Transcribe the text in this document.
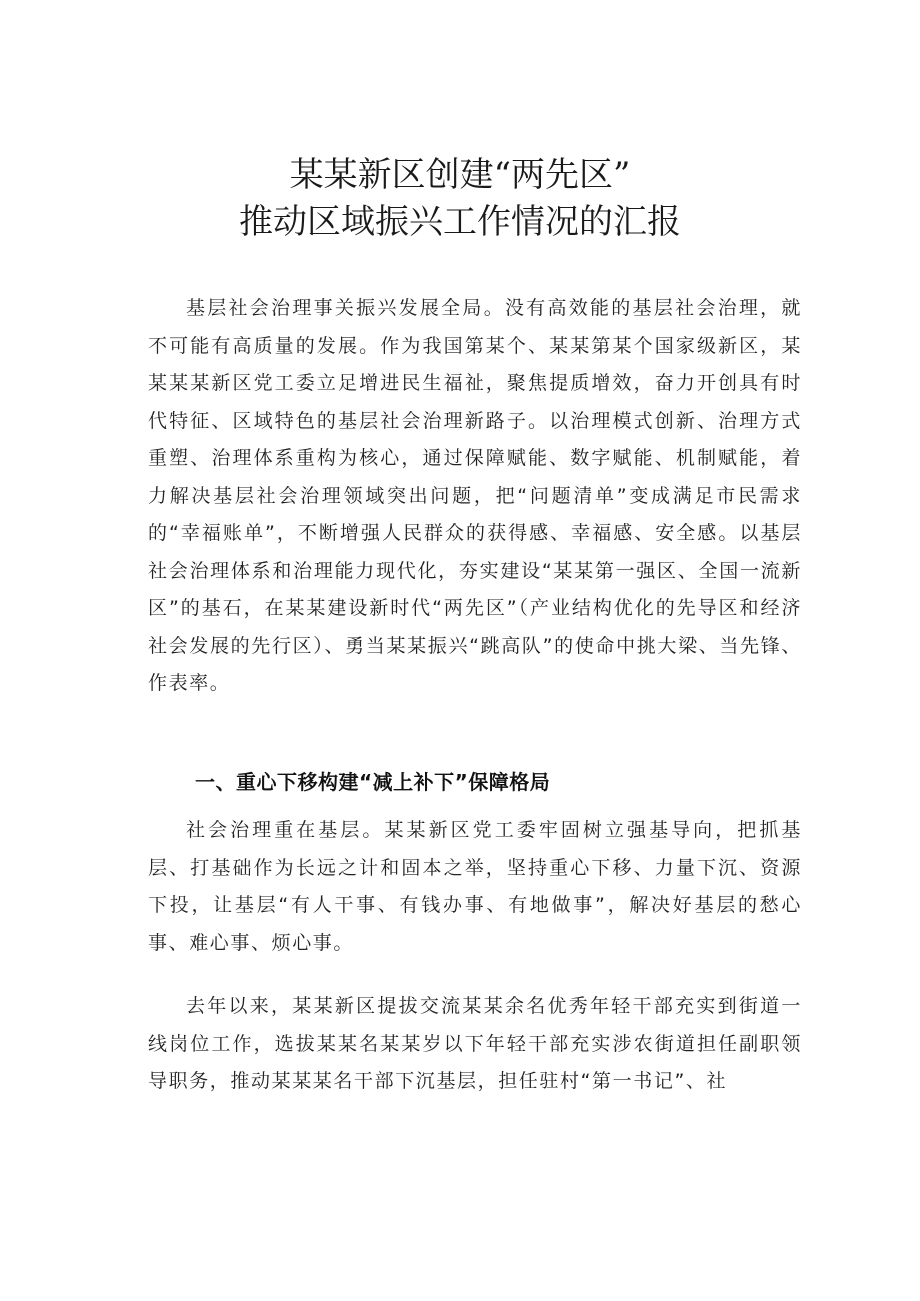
某某新区创建“两先区”
推动区域振兴工作情况的汇报

基层社会治理事关振兴发展全局。没有高效能的基层社会治理，就不可能有高质量的发展。作为我国第某个、某某第某个国家级新区，某某某某新区党工委立足增进民生福祉，聚焦提质增效，奋力开创具有时代特征、区域特色的基层社会治理新路子。以治理模式创新、治理方式重塑、治理体系重构为核心，通过保障赋能、数字赋能、机制赋能，着力解决基层社会治理领域突出问题，把“问题清单”变成满足市民需求的“幸福账单”，不断增强人民群众的获得感、幸福感、安全感。以基层社会治理体系和治理能力现代化，夯实建设“某某第一强区、全国一流新区”的基石，在某某建设新时代“两先区”（产业结构优化的先导区和经济社会发展的先行区）、勇当某某振兴“跳高队”的使命中挑大梁、当先锋、作表率。

一、重心下移构建“减上补下”保障格局

社会治理重在基层。某某新区党工委牢固树立强基导向，把抓基层、打基础作为长远之计和固本之举，坚持重心下移、力量下沉、资源下投，让基层“有人干事、有钱办事、有地做事”，解决好基层的愁心事、难心事、烦心事。

去年以来，某某新区提拔交流某某余名优秀年轻干部充实到街道一线岗位工作，选拔某某名某某岁以下年轻干部充实涉农街道担任副职领导职务，推动某某某名干部下沉基层，担任驻村“第一书记”、社
